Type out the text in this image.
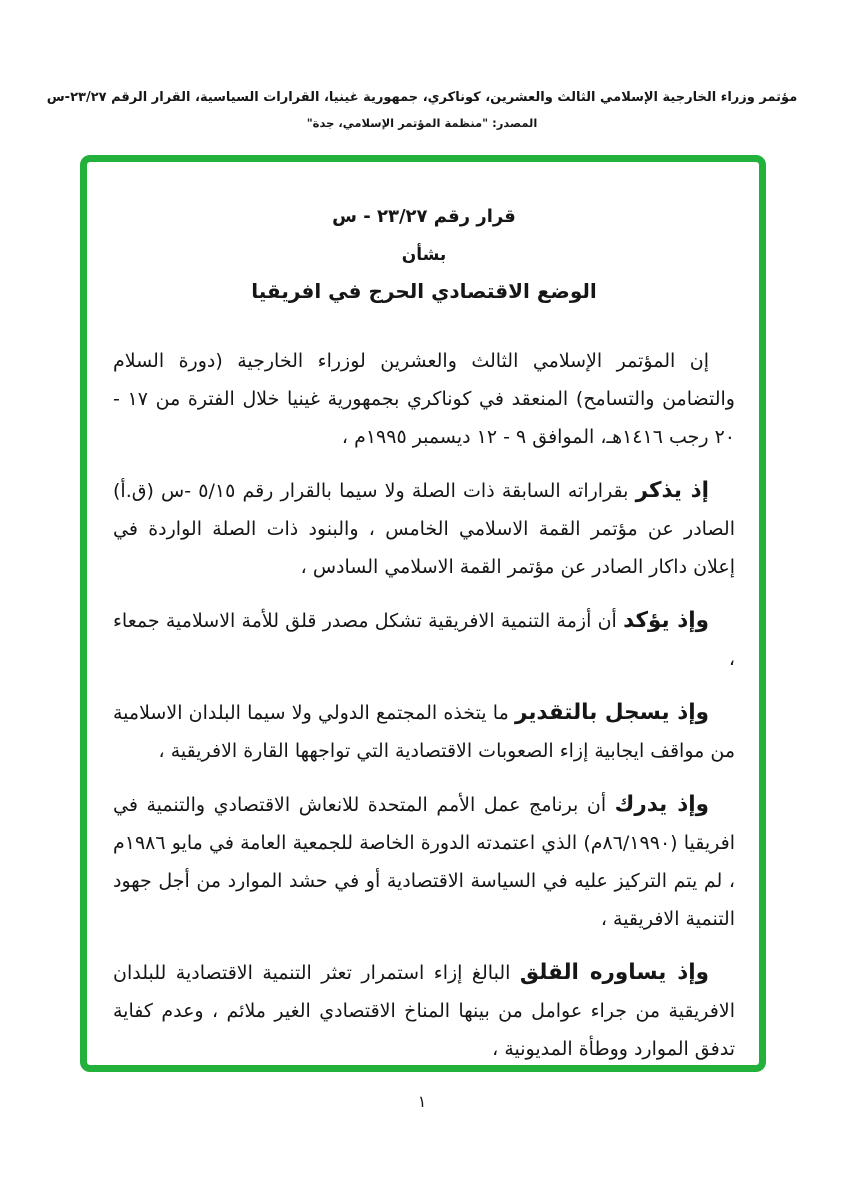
مؤتمر وزراء الخارجية الإسلامي الثالث والعشرين، كوناكري، جمهورية غينيا، القرارات السياسية، القرار الرقم ٢٣/٢٧-س
المصدر: "منظمة المؤتمر الإسلامي، جدة"
قرار رقم ٢٣/٢٧ - س
بشأن
الوضع الاقتصادي الحرج في افريقيا

إن المؤتمر الإسلامي الثالث والعشرين لوزراء الخارجية (دورة السلام والتضامن والتسامح) المنعقد في كوناكري بجمهورية غينيا خلال الفترة من ١٧ - ٢٠ رجب ١٤١٦هـ، الموافق ٩ - ١٢ ديسمبر ١٩٩٥م ،

إذ يذكر بقراراته السابقة ذات الصلة ولا سيما بالقرار رقم ٥/١٥ -س (ق.أ) الصادر عن مؤتمر القمة الاسلامي الخامس ، والبنود ذات الصلة الواردة في إعلان داكار الصادر عن مؤتمر القمة الاسلامي السادس ،

وإذ يؤكد أن أزمة التنمية الافريقية تشكل مصدر قلق للأمة الاسلامية جمعاء ،

وإذ يسجل بالتقدير ما يتخذه المجتمع الدولي ولا سيما البلدان الاسلامية من مواقف ايجابية إزاء الصعوبات الاقتصادية التي تواجهها القارة الافريقية ،

وإذ يدرك أن برنامج عمل الأمم المتحدة للانعاش الاقتصادي والتنمية في افريقيا (٨٦/١٩٩٠م) الذي اعتمدته الدورة الخاصة للجمعية العامة في مايو ١٩٨٦م ، لم يتم التركيز عليه في السياسة الاقتصادية أو في حشد الموارد من أجل جهود التنمية الافريقية ،

وإذ يساوره القلق البالغ إزاء استمرار تعثر التنمية الاقتصادية للبلدان الافريقية من جراء عوامل من بينها المناخ الاقتصادي الغير ملائم ، وعدم كفاية تدفق الموارد ووطأة المديونية ،

١
